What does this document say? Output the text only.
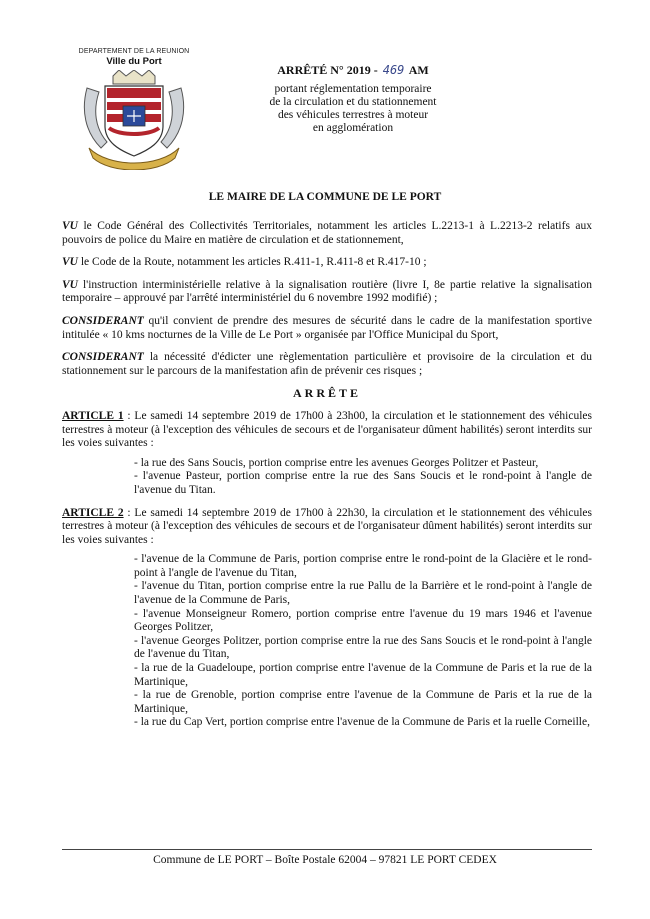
DEPARTEMENT DE LA REUNION
Ville du Port
ARRÊTÉ N° 2019 - 469 AM
portant réglementation temporaire
de la circulation et du stationnement
des véhicules terrestres à moteur
en agglomération
LE MAIRE DE LA COMMUNE DE LE PORT

VU le Code Général des Collectivités Territoriales, notamment les articles L.2213-1 à L.2213-2 relatifs aux pouvoirs de police du Maire en matière de circulation et de stationnement,

VU le Code de la Route, notamment les articles R.411-1, R.411-8 et R.417-10 ;

VU l'instruction interministérielle relative à la signalisation routière (livre I, 8e partie relative la signalisation temporaire – approuvé par l'arrêté interministériel du 6 novembre 1992 modifié) ;

CONSIDERANT qu'il convient de prendre des mesures de sécurité dans le cadre de la manifestation sportive intitulée « 10 kms nocturnes de la Ville de Le Port » organisée par l'Office Municipal du Sport,

CONSIDERANT la nécessité d'édicter une règlementation particulière et provisoire de la circulation et du stationnement sur le parcours de la manifestation afin de prévenir ces risques ;

ARRÊTE

ARTICLE 1 : Le samedi 14 septembre 2019 de 17h00 à 23h00, la circulation et le stationnement des véhicules terrestres à moteur (à l'exception des véhicules de secours et de l'organisateur dûment habilités) seront interdits sur les voies suivantes :

- la rue des Sans Soucis, portion comprise entre les avenues Georges Politzer et Pasteur,
- l'avenue Pasteur, portion comprise entre la rue des Sans Soucis et le rond-point à l'angle de l'avenue du Titan.

ARTICLE 2 : Le samedi 14 septembre 2019 de 17h00 à 22h30, la circulation et le stationnement des véhicules terrestres à moteur (à l'exception des véhicules de secours et de l'organisateur dûment habilités) seront interdits sur les voies suivantes :

- l'avenue de la Commune de Paris, portion comprise entre le rond-point de la Glacière et le rond-point à l'angle de l'avenue du Titan,
- l'avenue du Titan, portion comprise entre la rue Pallu de la Barrière et le rond-point à l'angle de l'avenue de la Commune de Paris,
- l'avenue Monseigneur Romero, portion comprise entre l'avenue du 19 mars 1946 et l'avenue Georges Politzer,
- l'avenue Georges Politzer, portion comprise entre la rue des Sans Soucis et le rond-point à l'angle de l'avenue du Titan,
- la rue de la Guadeloupe, portion comprise entre l'avenue de la Commune de Paris et la rue de la Martinique,
- la rue de Grenoble, portion comprise entre l'avenue de la Commune de Paris et la rue de la Martinique,
- la rue du Cap Vert, portion comprise entre l'avenue de la Commune de Paris et la ruelle Corneille,
Commune de LE PORT – Boîte Postale 62004 – 97821 LE PORT CEDEX
